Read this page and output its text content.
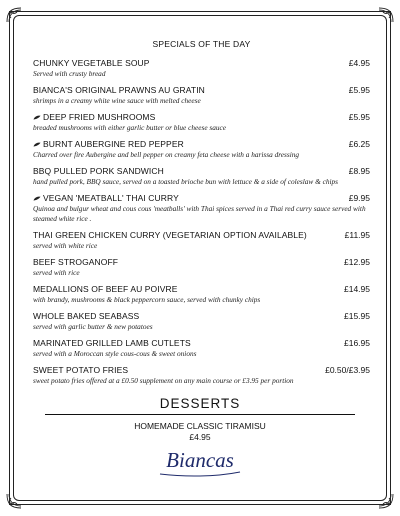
SPECIALS OF THE DAY
CHUNKY VEGETABLE SOUP	£4.95
Served with crusty bread
BIANCA'S ORIGINAL PRAWNS AU GRATIN	£5.95
shrimps in a creamy white wine sauce with melted cheese
DEEP FRIED MUSHROOMS	£5.95
breaded mushrooms with either garlic butter or blue cheese sauce
BURNT AUBERGINE RED PEPPER	£6.25
Charred over fire Aubergine and bell pepper on creamy feta cheese with a harissa dressing
BBQ PULLED PORK SANDWICH	£8.95
hand pulled pork, BBQ sauce, served on a toasted brioche bun with lettuce & a side of coleslaw & chips
VEGAN 'MEATBALL' THAI CURRY	£9.95
Quinoa and bulgur wheat and cous cous 'meatballs' with Thai spices served in a Thai red curry sauce served with steamed white rice .
THAI GREEN CHICKEN CURRY (VEGETARIAN OPTION AVAILABLE)	£11.95
served with white rice
BEEF STROGANOFF	£12.95
served with rice
MEDALLIONS OF BEEF AU POIVRE	£14.95
with brandy, mushrooms & black peppercorn sauce, served with chunky chips
WHOLE BAKED SEABASS	£15.95
served with garlic butter & new potatoes
MARINATED GRILLED LAMB CUTLETS	£16.95
served with a Moroccan style cous-cous & sweet onions
SWEET POTATO FRIES	£0.50/£3.95
sweet potato fries offered at a £0.50 supplement on any main course or £3.95 per portion
DESSERTS
HOMEMADE CLASSIC TIRAMISU
£4.95
Biancas
